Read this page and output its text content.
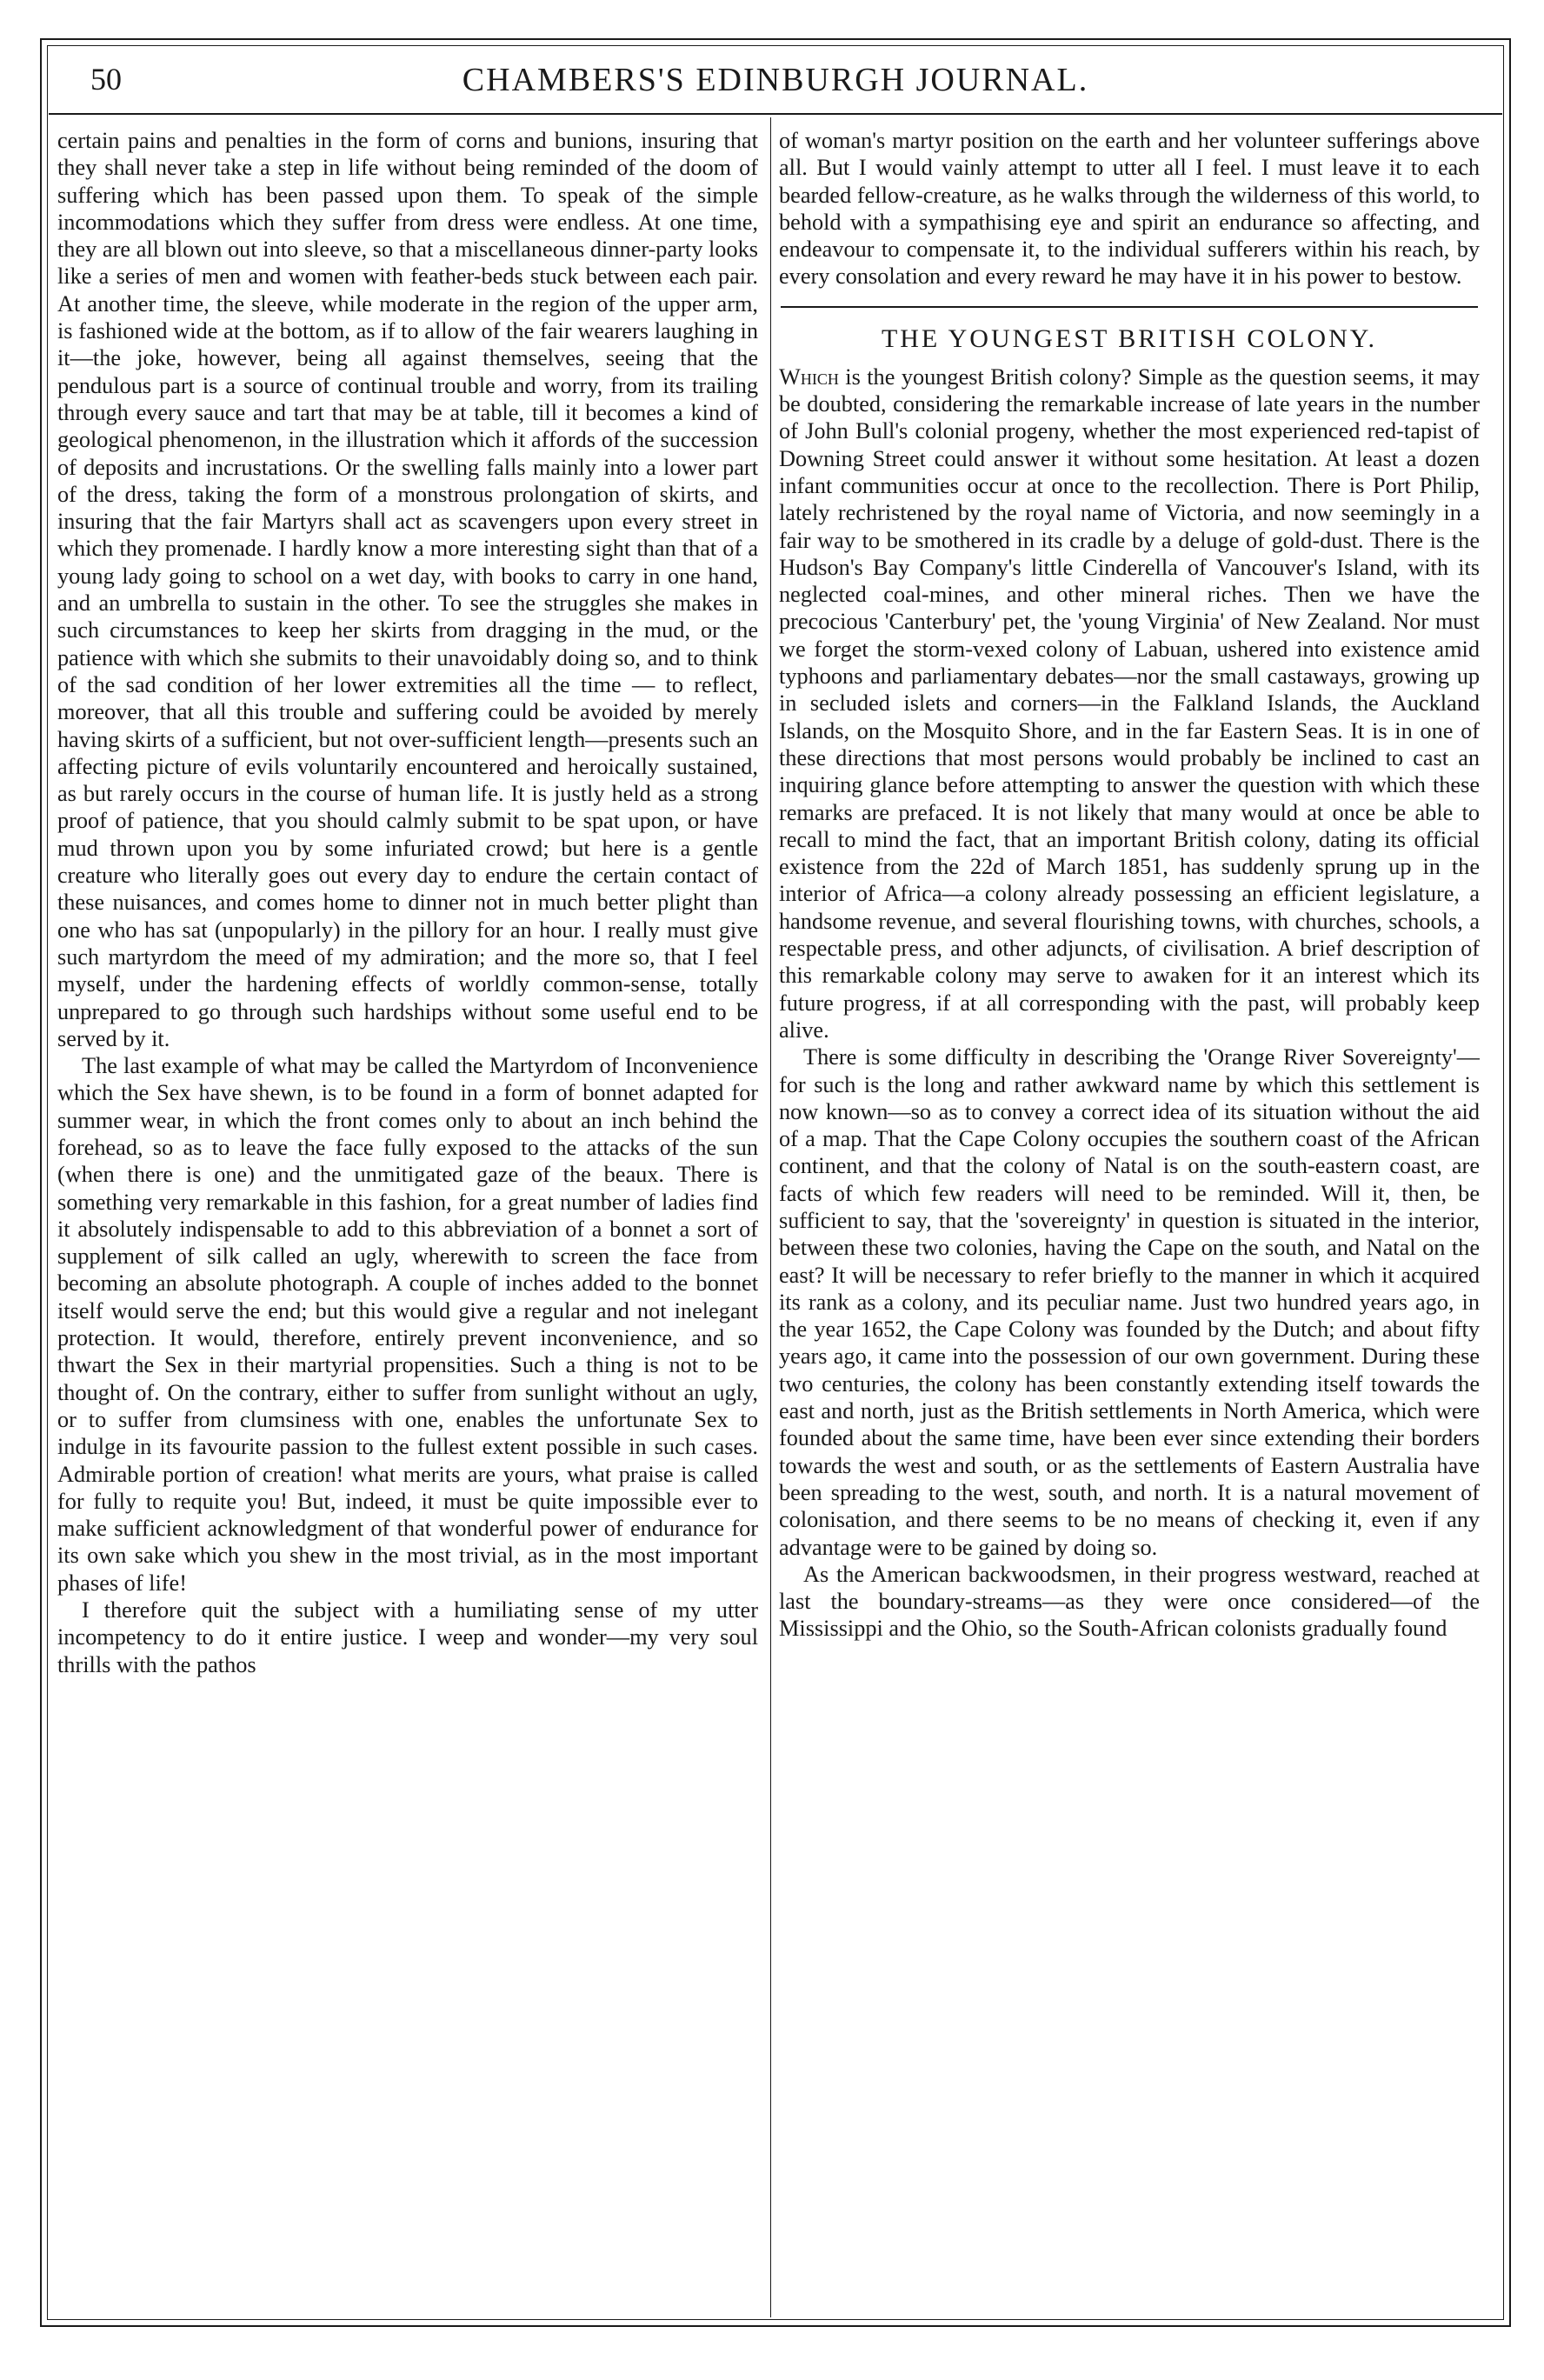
50	CHAMBERS'S EDINBURGH JOURNAL.

certain pains and penalties in the form of corns and bunions, insuring that they shall never take a step in life without being reminded of the doom of suffering which has been passed upon them. To speak of the simple incommodations which they suffer from dress were endless. At one time, they are all blown out into sleeve, so that a miscellaneous dinner-party looks like a series of men and women with feather-beds stuck between each pair. At another time, the sleeve, while moderate in the region of the upper arm, is fashioned wide at the bottom, as if to allow of the fair wearers laughing in it—the joke, however, being all against themselves, seeing that the pendulous part is a source of continual trouble and worry, from its trailing through every sauce and tart that may be at table, till it becomes a kind of geological phenomenon, in the illustration which it affords of the succession of deposits and incrustations. Or the swelling falls mainly into a lower part of the dress, taking the form of a monstrous prolongation of skirts, and insuring that the fair Martyrs shall act as scavengers upon every street in which they promenade. I hardly know a more interesting sight than that of a young lady going to school on a wet day, with books to carry in one hand, and an umbrella to sustain in the other. To see the struggles she makes in such circumstances to keep her skirts from dragging in the mud, or the patience with which she submits to their unavoidably doing so, and to think of the sad condition of her lower extremities all the time — to reflect, moreover, that all this trouble and suffering could be avoided by merely having skirts of a sufficient, but not over-sufficient length—presents such an affecting picture of evils voluntarily encountered and heroically sustained, as but rarely occurs in the course of human life. It is justly held as a strong proof of patience, that you should calmly submit to be spat upon, or have mud thrown upon you by some infuriated crowd; but here is a gentle creature who literally goes out every day to endure the certain contact of these nuisances, and comes home to dinner not in much better plight than one who has sat (unpopularly) in the pillory for an hour. I really must give such martyrdom the meed of my admiration; and the more so, that I feel myself, under the hardening effects of worldly common-sense, totally unprepared to go through such hardships without some useful end to be served by it.

The last example of what may be called the Martyrdom of Inconvenience which the Sex have shewn, is to be found in a form of bonnet adapted for summer wear, in which the front comes only to about an inch behind the forehead, so as to leave the face fully exposed to the attacks of the sun (when there is one) and the unmitigated gaze of the beaux. There is something very remarkable in this fashion, for a great number of ladies find it absolutely indispensable to add to this abbreviation of a bonnet a sort of supplement of silk called an ugly, wherewith to screen the face from becoming an absolute photograph. A couple of inches added to the bonnet itself would serve the end; but this would give a regular and not inelegant protection. It would, therefore, entirely prevent inconvenience, and so thwart the Sex in their martyrial propensities. Such a thing is not to be thought of. On the contrary, either to suffer from sunlight without an ugly, or to suffer from clumsiness with one, enables the unfortunate Sex to indulge in its favourite passion to the fullest extent possible in such cases. Admirable portion of creation! what merits are yours, what praise is called for fully to requite you! But, indeed, it must be quite impossible ever to make sufficient acknowledgment of that wonderful power of endurance for its own sake which you shew in the most trivial, as in the most important phases of life!

I therefore quit the subject with a humiliating sense of my utter incompetency to do it entire justice. I weep and wonder—my very soul thrills with the pathos

of woman's martyr position on the earth and her volunteer sufferings above all. But I would vainly attempt to utter all I feel. I must leave it to each bearded fellow-creature, as he walks through the wilderness of this world, to behold with a sympathising eye and spirit an endurance so affecting, and endeavour to compensate it, to the individual sufferers within his reach, by every consolation and every reward he may have it in his power to bestow.

THE YOUNGEST BRITISH COLONY.

Which is the youngest British colony? Simple as the question seems, it may be doubted, considering the remarkable increase of late years in the number of John Bull's colonial progeny, whether the most experienced red-tapist of Downing Street could answer it without some hesitation. At least a dozen infant communities occur at once to the recollection. There is Port Philip, lately rechristened by the royal name of Victoria, and now seemingly in a fair way to be smothered in its cradle by a deluge of gold-dust. There is the Hudson's Bay Company's little Cinderella of Vancouver's Island, with its neglected coal-mines, and other mineral riches. Then we have the precocious 'Canterbury' pet, the 'young Virginia' of New Zealand. Nor must we forget the storm-vexed colony of Labuan, ushered into existence amid typhoons and parliamentary debates—nor the small castaways, growing up in secluded islets and corners—in the Falkland Islands, the Auckland Islands, on the Mosquito Shore, and in the far Eastern Seas. It is in one of these directions that most persons would probably be inclined to cast an inquiring glance before attempting to answer the question with which these remarks are prefaced. It is not likely that many would at once be able to recall to mind the fact, that an important British colony, dating its official existence from the 22d of March 1851, has suddenly sprung up in the interior of Africa—a colony already possessing an efficient legislature, a handsome revenue, and several flourishing towns, with churches, schools, a respectable press, and other adjuncts, of civilisation. A brief description of this remarkable colony may serve to awaken for it an interest which its future progress, if at all corresponding with the past, will probably keep alive.

There is some difficulty in describing the 'Orange River Sovereignty'—for such is the long and rather awkward name by which this settlement is now known—so as to convey a correct idea of its situation without the aid of a map. That the Cape Colony occupies the southern coast of the African continent, and that the colony of Natal is on the south-eastern coast, are facts of which few readers will need to be reminded. Will it, then, be sufficient to say, that the 'sovereignty' in question is situated in the interior, between these two colonies, having the Cape on the south, and Natal on the east? It will be necessary to refer briefly to the manner in which it acquired its rank as a colony, and its peculiar name. Just two hundred years ago, in the year 1652, the Cape Colony was founded by the Dutch; and about fifty years ago, it came into the possession of our own government. During these two centuries, the colony has been constantly extending itself towards the east and north, just as the British settlements in North America, which were founded about the same time, have been ever since extending their borders towards the west and south, or as the settlements of Eastern Australia have been spreading to the west, south, and north. It is a natural movement of colonisation, and there seems to be no means of checking it, even if any advantage were to be gained by doing so.

As the American backwoodsmen, in their progress westward, reached at last the boundary-streams—as they were once considered—of the Mississippi and the Ohio, so the South-African colonists gradually found
